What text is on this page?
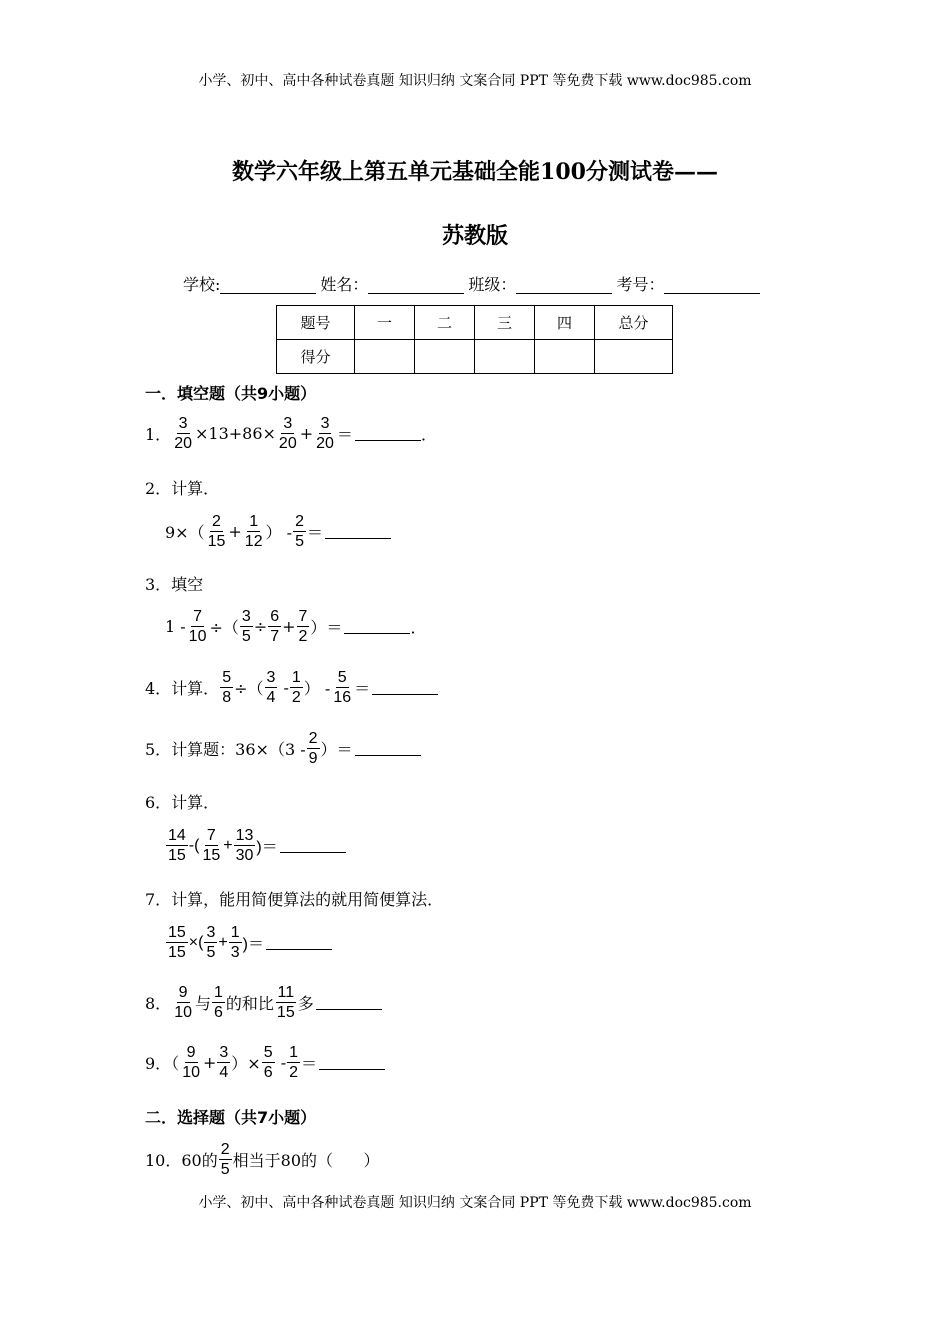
小学、初中、高中各种试卷真题 知识归纳 文案合同 PPT 等免费下载 www.doc985.com
数学六年级上第五单元基础全能100分测试卷——
苏教版
学校:	姓名：	班级：	考号：
题号	一	二	三	四	总分
得分					
一．填空题（共9小题）
1． $\frac{3}{20} \times 13+86\times \frac{3}{20} + \frac{3}{20}$ ＝	．
2．计算．
$9\times( \frac{2}{15} + \frac{1}{12}$ ） - $\frac{2}{5}$ ＝
3．填空
$1 - \frac{7}{10}$ ÷（ $\frac{3}{5} \div \frac{6}{7} + \frac{7}{2}$ ）＝	．
4．计算． $\frac{5}{8}$ ÷（ $\frac{3}{4} - \frac{1}{2}$ ） - $\frac{5}{16}$ ＝
5．计算题：$36\times(3 - \frac{2}{9}$ ）＝
6．计算．
$\frac{14}{15}$ -( $\frac{7}{15} + \frac{13}{30}$ )＝
7．计算，能用简便算法的就用简便算法．
$\frac{15}{15}$ ×( $\frac{3}{5} + \frac{1}{3}$ )＝
8． $\frac{9}{10}$ 与 $\frac{1}{6}$ 的和比 $\frac{11}{15}$ 多
9．（ $\frac{9}{10} + \frac{3}{4}$ ）× $\frac{5}{6} - \frac{1}{2}$ ＝
二．选择题（共7小题）
10．60的 $\frac{2}{5}$ 相当于80的（      ）
小学、初中、高中各种试卷真题 知识归纳 文案合同 PPT 等免费下载 www.doc985.com
